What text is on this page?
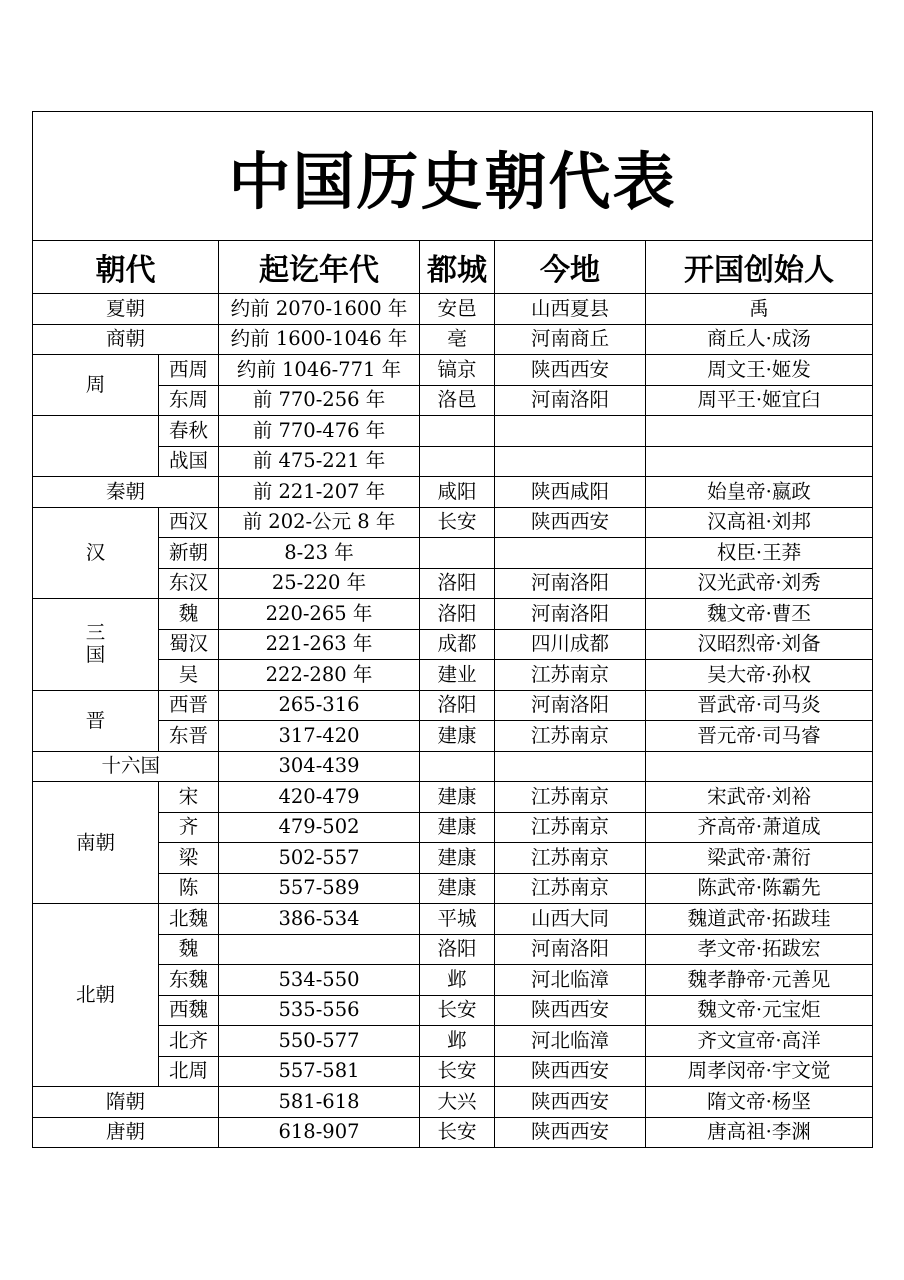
中国历史朝代表					
朝代		起讫年代	都城	今地	开国创始人
夏朝		约前 2070-1600 年	安邑	山西夏县	禹
商朝		约前 1600-1046 年	亳	河南商丘	商丘人·成汤
周	西周	约前 1046-771 年	镐京	陕西西安	周文王·姬发
	东周	前 770-256 年	洛邑	河南洛阳	周平王·姬宜臼
	春秋	前 770-476 年			
	战国	前 475-221 年			
秦朝		前 221-207 年	咸阳	陕西咸阳	始皇帝·嬴政
汉	西汉	前 202-公元 8 年	长安	陕西西安	汉高祖·刘邦
	新朝	8-23 年			权臣·王莽
	东汉	25-220 年	洛阳	河南洛阳	汉光武帝·刘秀

三
国	魏	220-265 年	洛阳	河南洛阳	魏文帝·曹丕
	蜀汉	221-263 年	成都	四川成都	汉昭烈帝·刘备
	吴	222-280 年	建业	江苏南京	吴大帝·孙权
晋	西晋	265-316	洛阳	河南洛阳	晋武帝·司马炎
	东晋	317-420	建康	江苏南京	晋元帝·司马睿
十六国		304-439			
南朝	宋	420-479	建康	江苏南京	宋武帝·刘裕
	齐	479-502	建康	江苏南京	齐高帝·萧道成
	梁	502-557	建康	江苏南京	梁武帝·萧衍
	陈	557-589	建康	江苏南京	陈武帝·陈霸先
北朝	北魏	386-534	平城	山西大同	魏道武帝·拓跋珪
	魏		洛阳	河南洛阳	孝文帝·拓跋宏
	东魏	534-550	邺	河北临漳	魏孝静帝·元善见
	西魏	535-556	长安	陕西西安	魏文帝·元宝炬
	北齐	550-577	邺	河北临漳	齐文宣帝·高洋
	北周	557-581	长安	陕西西安	周孝闵帝·宇文觉
隋朝		581-618	大兴	陕西西安	隋文帝·杨坚
唐朝		618-907	长安	陕西西安	唐高祖·李渊
